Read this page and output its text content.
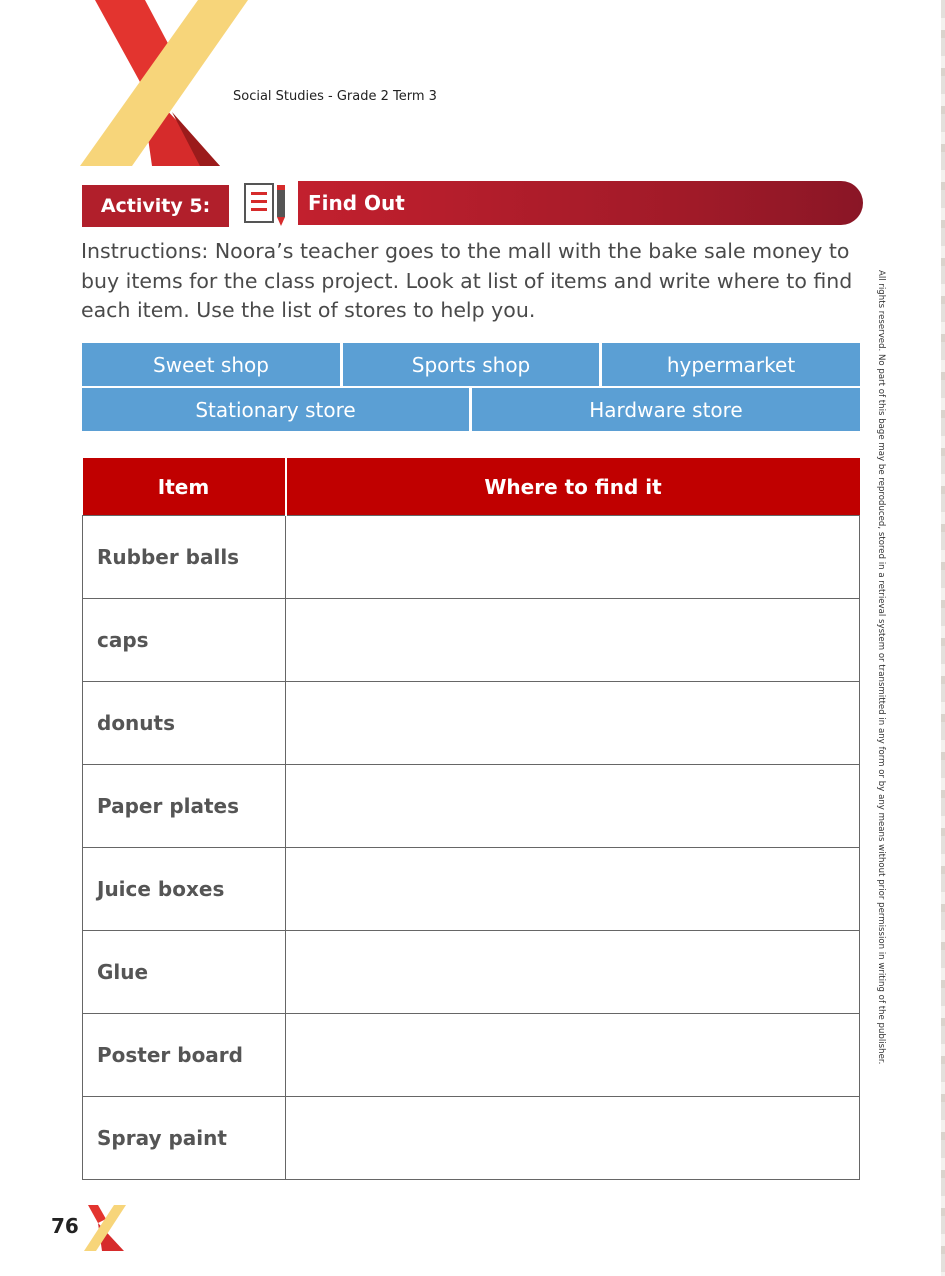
Social Studies - Grade 2 Term 3
Activity 5:	Find Out
Instructions: Noora’s teacher goes to the mall with the bake sale money to buy items for the class project. Look at list of items and write where to find each item. Use the list of stores to help you.
Sweet shop	Sports shop	hypermarket
Stationary store	Hardware store
Item	Where to find it
Rubber balls	
caps	
donuts	
Paper plates	
Juice boxes	
Glue	
Poster board	
Spray paint	
All rights reserved. No part of this bage may be reproduced, stored in a retrieval system or transmitted in any form or by any means without prior permission in writing of the publisher.
76
